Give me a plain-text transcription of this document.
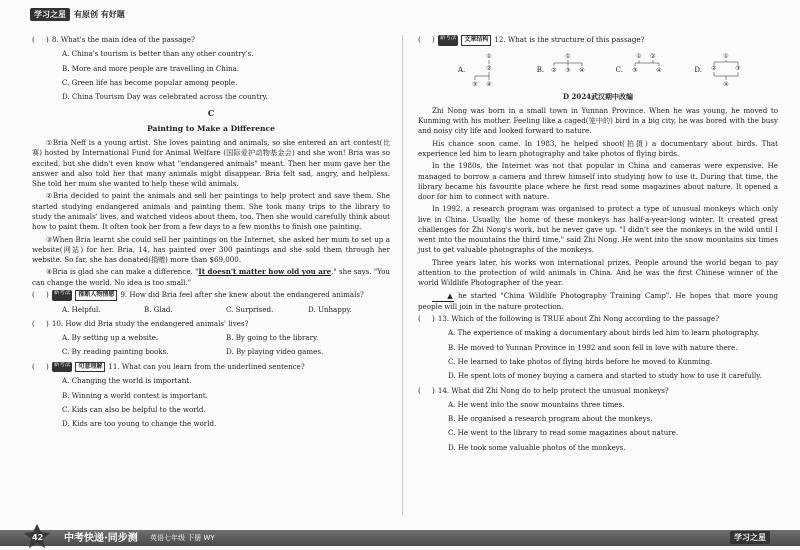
学习之星	有原创 有好题
(     ) 8. What's the main idea of the passage?
A. China's tourism is better than any other country's.
B. More and more people are travelling in China.
C. Green life has become popular among people.
D. China Tourism Day was celebrated across the country.
C
Painting to Make a Difference

①Bria Neff is a young artist. She loves painting and animals, so she entered an art contest(比赛) hosted by International Fund for Animal Welfare (国际爱护动物基金会) and she won! Bria was so excited, but she didn't even know what "endangered animals" meant. Then her mum gave her the answer and also told her that many animals might disappear. Bria felt sad, angry, and helpless. She told her mum she wanted to help these wild animals.

②Bria decided to paint the animals and sell her paintings to help protect and save them. She started studying endangered animals and painting them. She took many trips to the library to study the animals' lives, and watched videos about them, too. Then she would carefully think about how to paint them. It often took her from a few days to a few months to finish one painting.

③When Bria learnt she could sell her paintings on the Internet, she asked her mum to set up a website(网站) for her. Bria, 14, has painted over 300 paintings and she sold them through her website. So far, she has donated(捐赠) more than $69,000.

④Bria is glad she can make a difference. "It doesn't matter how old you are," she says. "You can change the world. No idea is too small."

(     ) 新考法	推断人物情感 9. How did Bria feel after she knew about the endangered animals?
A. Helpful.	B. Glad.	C. Surprised.	D. Unhappy.
(     ) 10. How did Bria study the endangered animals' lives?
A. By setting up a website.	B. By going to the library.
C. By reading painting books.	D. By playing video games.
(     ) 新考法	句意理解 11. What can you learn from the underlined sentence?
A. Changing the world is important.
B. Winning a world contest is important.
C. Kids can also be helpful to the world.
D. Kids are too young to change the world.
(     ) 新考法	文章结构 12. What is the structure of this passage?
A.
①
②
③ ④
B.
①
② ③ ④	C.
① ②
③	④	D.
①
②	③
④
D 2024武汉期中改编

Zhi Nong was born in a small town in Yunnan Province. When he was young, he moved to Kunming with his mother. Feeling like a caged(笼中的) bird in a big city, he was bored with the busy and noisy city life and looked forward to nature.

His chance soon came. In 1983, he helped shoot(拍摄) a documentary about birds. That experience led him to learn photography and take photos of flying birds.

In the 1980s, the Internet was not that popular in China and cameras were expensive. He managed to borrow a camera and threw himself into studying how to use it. During that time, the library became his favourite place where he first read some magazines about nature. It opened a door for him to connect with nature.

In 1992, a research program was organised to protect a type of unusual monkeys which only live in China. Usually, the home of these monkeys has half-a-year-long winter. It created great challenges for Zhi Nong's work, but he never gave up. "I didn't see the monkeys in the wild until I went into the mountains the third time," said Zhi Nong. He went into the snow mountains six times just to get valuable photographs of the monkeys.

Three years later, his works won international prizes. People around the world began to pay attention to the protection of wild animals in China. And he was the first Chinese winner of the world Wildlife Photographer of the year.

▲ he started "China Wildlife Photography Training Camp". He hopes that more young people will join in the nature protection.

(     ) 13. Which of the following is TRUE about Zhi Nong according to the passage?
A. The experience of making a documentary about birds led him to learn photography.
B. He moved to Yunnan Province in 1992 and soon fell in love with nature there.
C. He learned to take photos of flying birds before he moved to Kunming.
D. He spent lots of money buying a camera and started to study how to use it carefully.
(     ) 14. What did Zhi Nong do to help protect the unusual monkeys?
A. He went into the snow mountains three times.
B. He organised a research program about the monkeys.
C. He went to the library to read some magazines about nature.
D. He took some valuable photos of the monkeys.
42 中考快递·同步测 英语七年级 下册 WY	学习之星
